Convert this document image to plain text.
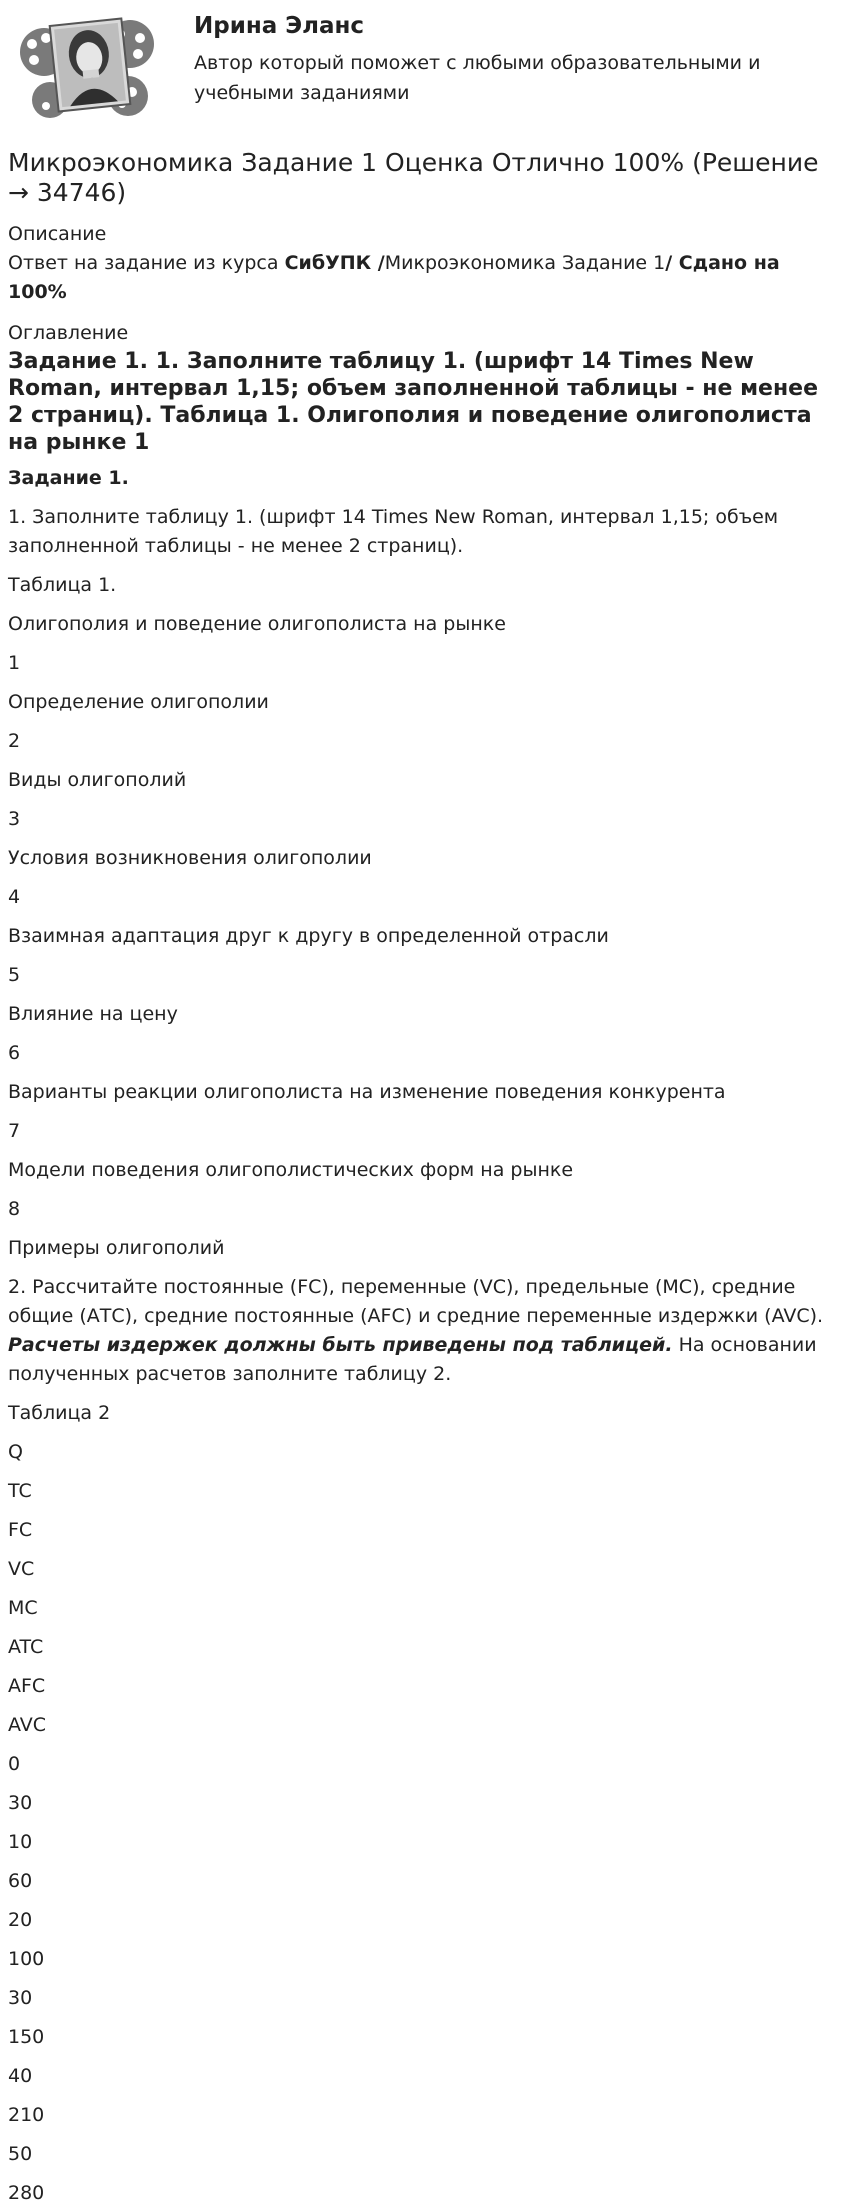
Ирина Эланс
Автор который поможет с любыми образовательными и учебными заданиями
Микроэкономика Задание 1 Оценка Отлично 100% (Решение → 34746)
Описание
Ответ на задание из курса СибУПК /Микроэкономика Задание 1/ Сдано на 100%
Оглавление
Задание 1. 1. Заполните таблицу 1. (шрифт 14 Times New Roman, интервал 1,15; объем заполненной таблицы - не менее 2 страниц). Таблица 1. Олигополия и поведение олигополиста на рынке 1
Задание 1.

1. Заполните таблицу 1. (шрифт 14 Times New Roman, интервал 1,15; объем заполненной таблицы - не менее 2 страниц).

Таблица 1.
Олигополия и поведение олигополиста на рынке
1
Определение олигополии
2
Виды олигополий
3
Условия возникновения олигополии
4
Взаимная адаптация друг к другу в определенной отрасли
5
Влияние на цену
6
Варианты реакции олигополиста на изменение поведения конкурента
7
Модели поведения олигополистических форм на рынке
8
Примеры олигополий

2. Рассчитайте постоянные (FC), переменные (VC), предельные (MC), средние общие (АТС), средние постоянные (AFC) и средние переменные издержки (AVC). Расчеты издержек должны быть приведены под таблицей. На основании полученных расчетов заполните таблицу 2.

Таблица 2
Q
TC
FC
VC
MC
ATC
AFC
AVC
0
30
10
60
20
100
30
150
40
210
50
280
